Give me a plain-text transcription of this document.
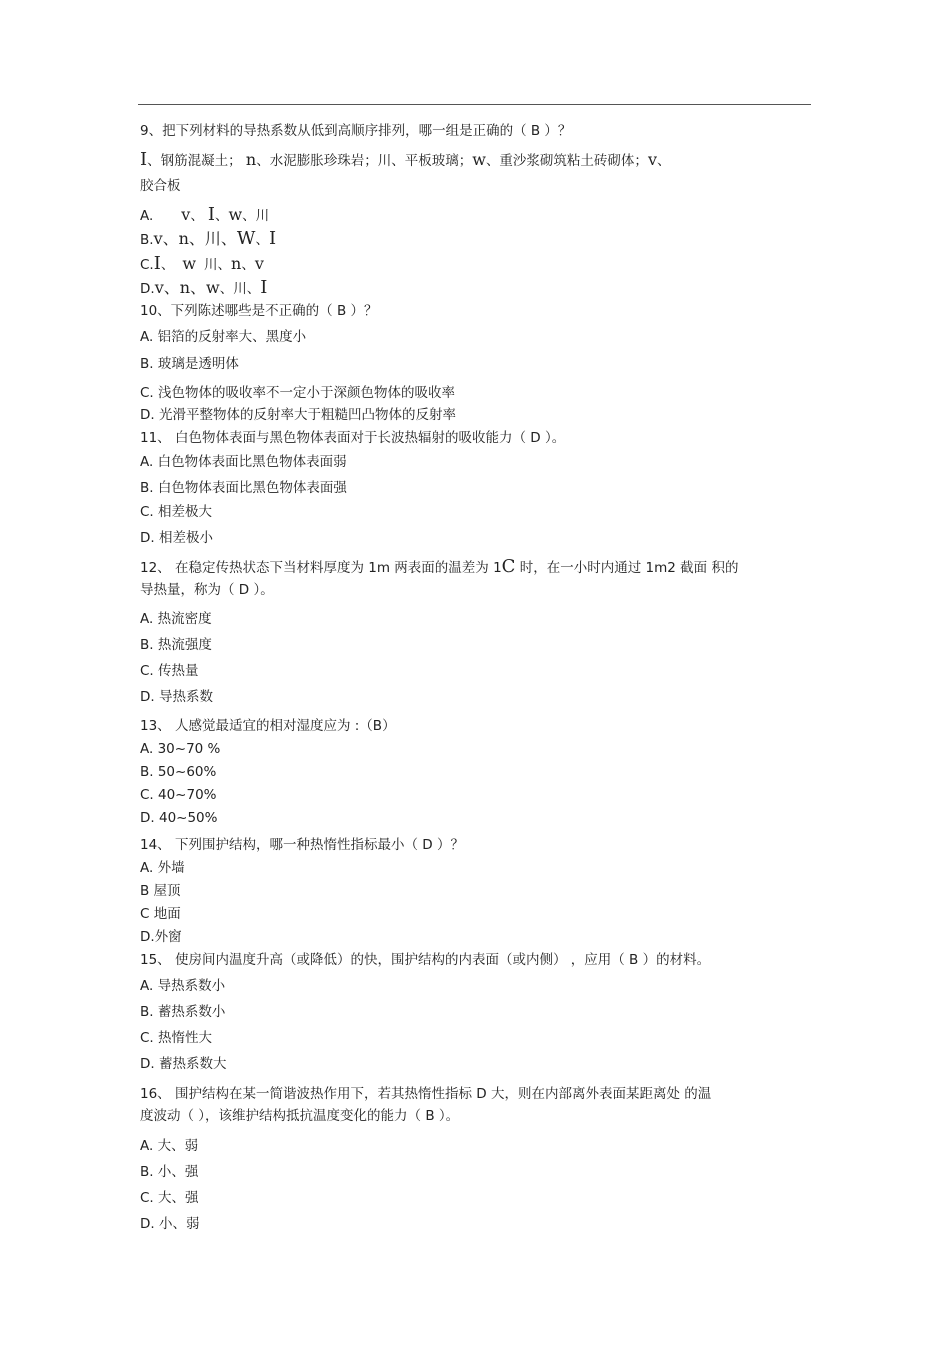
9、把下列材料的导热系数从低到高顺序排列，哪一组是正确的（ B ）？
I、钢筋混凝土； n、水泥膨胀珍珠岩；川、平板玻璃；w、重沙浆砌筑粘土砖砌体；v、
胶合板
A. v、 I、w、川
B.v、n、川、W、I
C.I、 w 川、n、v
D.v、n、w、川、I
10、下列陈述哪些是不正确的（ B ）？
A. 铝箔的反射率大、黑度小
B. 玻璃是透明体
C. 浅色物体的吸收率不一定小于深颜色物体的吸收率
D. 光滑平整物体的反射率大于粗糙凹凸物体的反射率
11、 白色物体表面与黑色物体表面对于长波热辐射的吸收能力（ D ）。
A. 白色物体表面比黑色物体表面弱
B. 白色物体表面比黑色物体表面强
C. 相差极大
D. 相差极小
12、 在稳定传热状态下当材料厚度为 1m 两表面的温差为 1C 时，在一小时内通过 1m2 截面 积的
导热量，称为（ D ）。
A. 热流密度
B. 热流强度
C. 传热量
D. 导热系数
13、 人感觉最适宜的相对湿度应为 :（B）
A. 30~70 %
B. 50~60%
C. 40~70%
D. 40~50%
14、 下列围护结构，哪一种热惰性指标最小（ D ）？
A. 外墙
B 屋顶
C 地面
D.外窗
15、 使房间内温度升高（或降低）的快，围护结构的内表面（或内侧） ，应用（ B ）的材料。
A. 导热系数小
B. 蓄热系数小
C. 热惰性大
D. 蓄热系数大
16、 围护结构在某一简谐波热作用下，若其热惰性指标 D 大，则在内部离外表面某距离处 的温
度波动（ ），该维护结构抵抗温度变化的能力（ B ）。
A. 大、弱
B. 小、强
C. 大、强
D. 小、弱
